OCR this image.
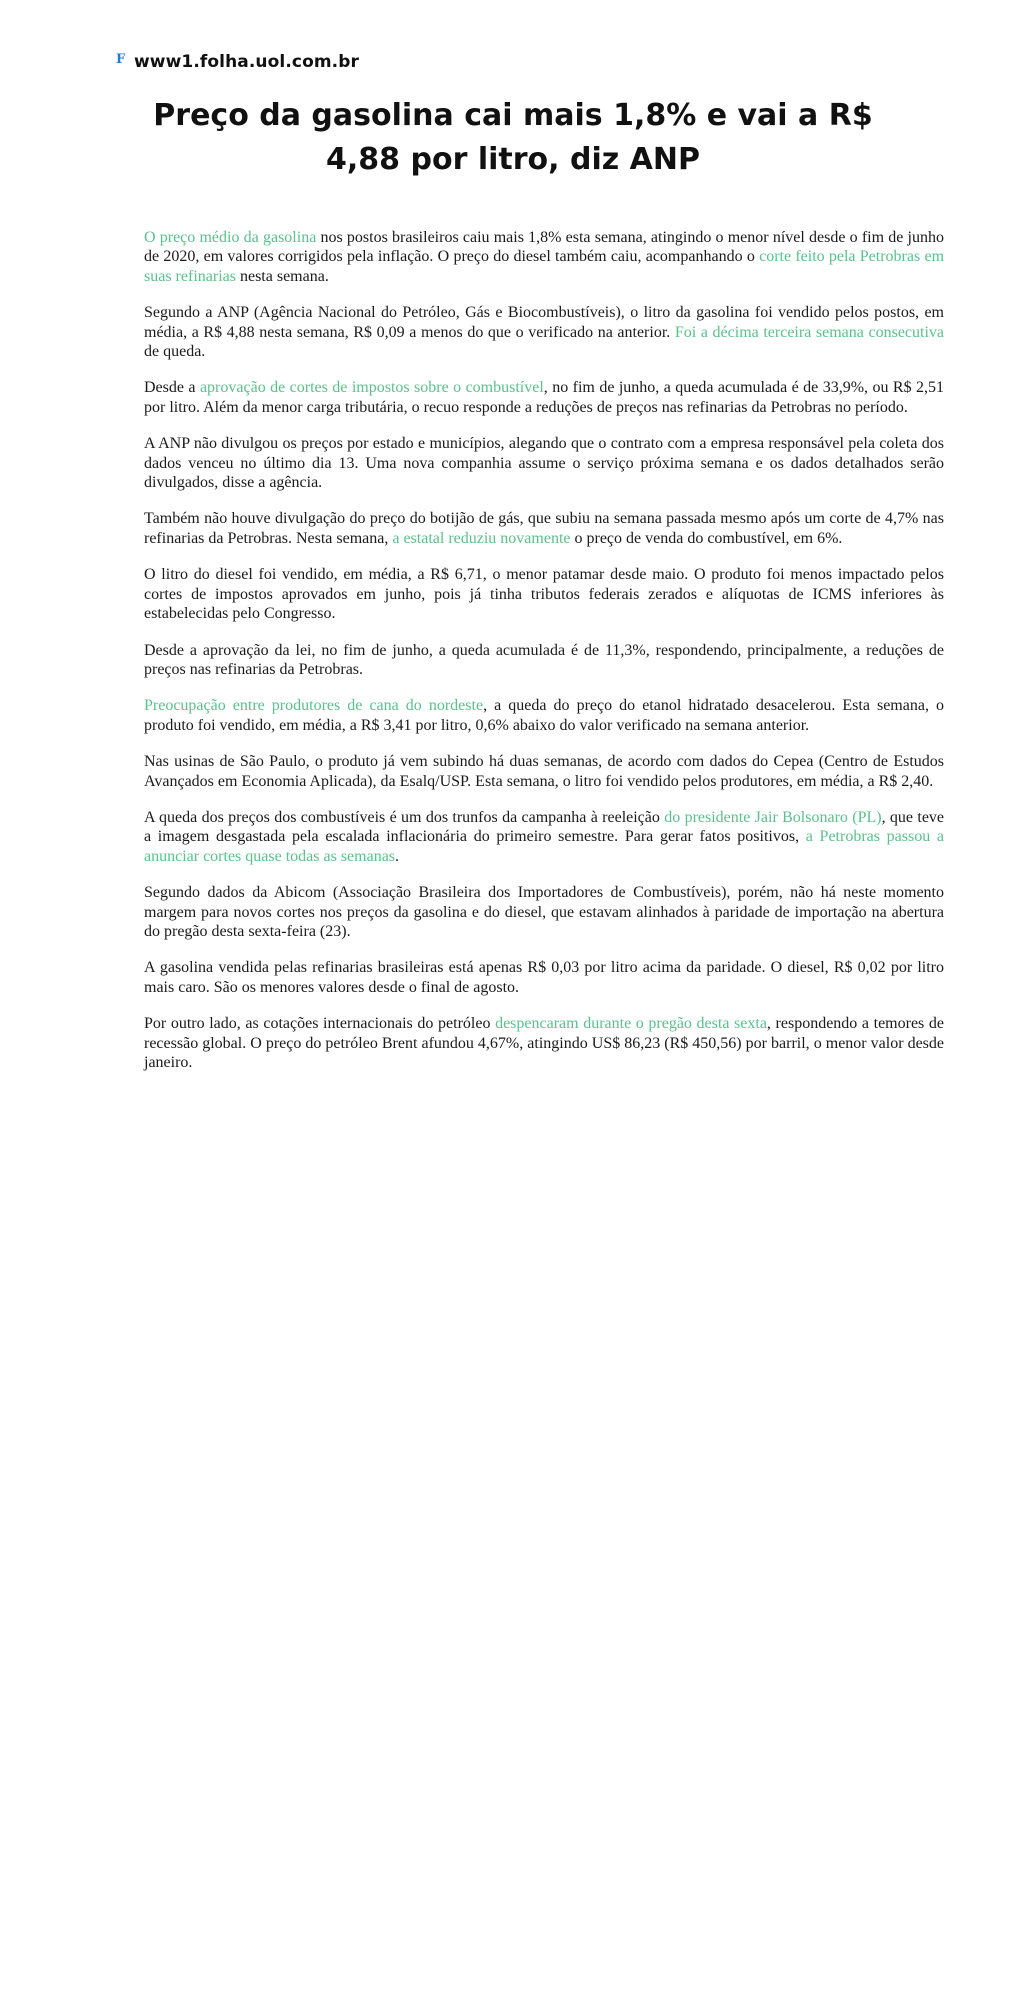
F www1.folha.uol.com.br
Preço da gasolina cai mais 1,8% e vai a R$ 4,88 por litro, diz ANP

O preço médio da gasolina nos postos brasileiros caiu mais 1,8% esta semana, atingindo o menor nível desde o fim de junho de 2020, em valores corrigidos pela inflação. O preço do diesel também caiu, acompanhando o corte feito pela Petrobras em suas refinarias nesta semana.

Segundo a ANP (Agência Nacional do Petróleo, Gás e Biocombustíveis), o litro da gasolina foi vendido pelos postos, em média, a R$ 4,88 nesta semana, R$ 0,09 a menos do que o verificado na anterior. Foi a décima terceira semana consecutiva de queda.

Desde a aprovação de cortes de impostos sobre o combustível, no fim de junho, a queda acumulada é de 33,9%, ou R$ 2,51 por litro. Além da menor carga tributária, o recuo responde a reduções de preços nas refinarias da Petrobras no período.

A ANP não divulgou os preços por estado e municípios, alegando que o contrato com a empresa responsável pela coleta dos dados venceu no último dia 13. Uma nova companhia assume o serviço próxima semana e os dados detalhados serão divulgados, disse a agência.

Também não houve divulgação do preço do botijão de gás, que subiu na semana passada mesmo após um corte de 4,7% nas refinarias da Petrobras. Nesta semana, a estatal reduziu novamente o preço de venda do combustível, em 6%.

O litro do diesel foi vendido, em média, a R$ 6,71, o menor patamar desde maio. O produto foi menos impactado pelos cortes de impostos aprovados em junho, pois já tinha tributos federais zerados e alíquotas de ICMS inferiores às estabelecidas pelo Congresso.

Desde a aprovação da lei, no fim de junho, a queda acumulada é de 11,3%, respondendo, principalmente, a reduções de preços nas refinarias da Petrobras.

Preocupação entre produtores de cana do nordeste, a queda do preço do etanol hidratado desacelerou. Esta semana, o produto foi vendido, em média, a R$ 3,41 por litro, 0,6% abaixo do valor verificado na semana anterior.

Nas usinas de São Paulo, o produto já vem subindo há duas semanas, de acordo com dados do Cepea (Centro de Estudos Avançados em Economia Aplicada), da Esalq/USP. Esta semana, o litro foi vendido pelos produtores, em média, a R$ 2,40.

A queda dos preços dos combustíveis é um dos trunfos da campanha à reeleição do presidente Jair Bolsonaro (PL), que teve a imagem desgastada pela escalada inflacionária do primeiro semestre. Para gerar fatos positivos, a Petrobras passou a anunciar cortes quase todas as semanas.

Segundo dados da Abicom (Associação Brasileira dos Importadores de Combustíveis), porém, não há neste momento margem para novos cortes nos preços da gasolina e do diesel, que estavam alinhados à paridade de importação na abertura do pregão desta sexta-feira (23).

A gasolina vendida pelas refinarias brasileiras está apenas R$ 0,03 por litro acima da paridade. O diesel, R$ 0,02 por litro mais caro. São os menores valores desde o final de agosto.

Por outro lado, as cotações internacionais do petróleo despencaram durante o pregão desta sexta, respondendo a temores de recessão global. O preço do petróleo Brent afundou 4,67%, atingindo US$ 86,23 (R$ 450,56) por barril, o menor valor desde janeiro.
